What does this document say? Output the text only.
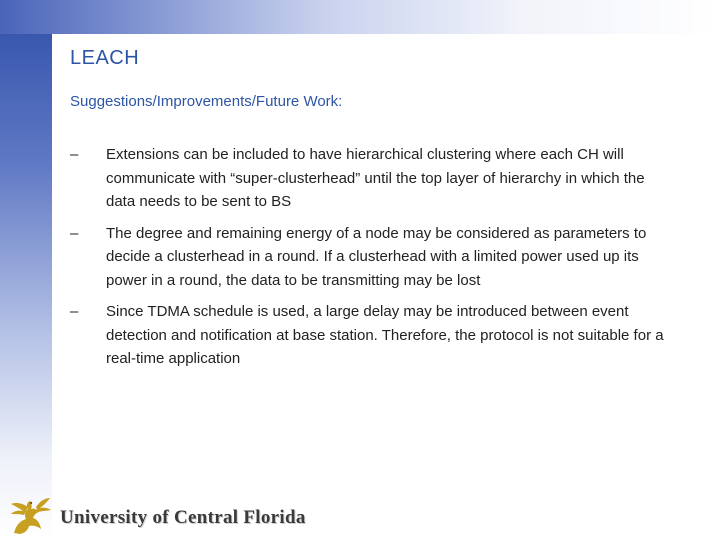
LEACH
Suggestions/Improvements/Future Work:
–	Extensions can be included to have hierarchical clustering where each CH will communicate with “super-clusterhead” until the top layer of hierarchy in which the data needs to be sent to BS
–	The degree and remaining energy of a node may be considered as parameters to decide a clusterhead in a round. If a clusterhead with a limited power used up its power in a round, the data to be transmitting may be lost
–	Since TDMA schedule is used, a large delay may be introduced between event detection and notification at base station. Therefore, the protocol is not suitable for a real-time application
University of Central Florida
